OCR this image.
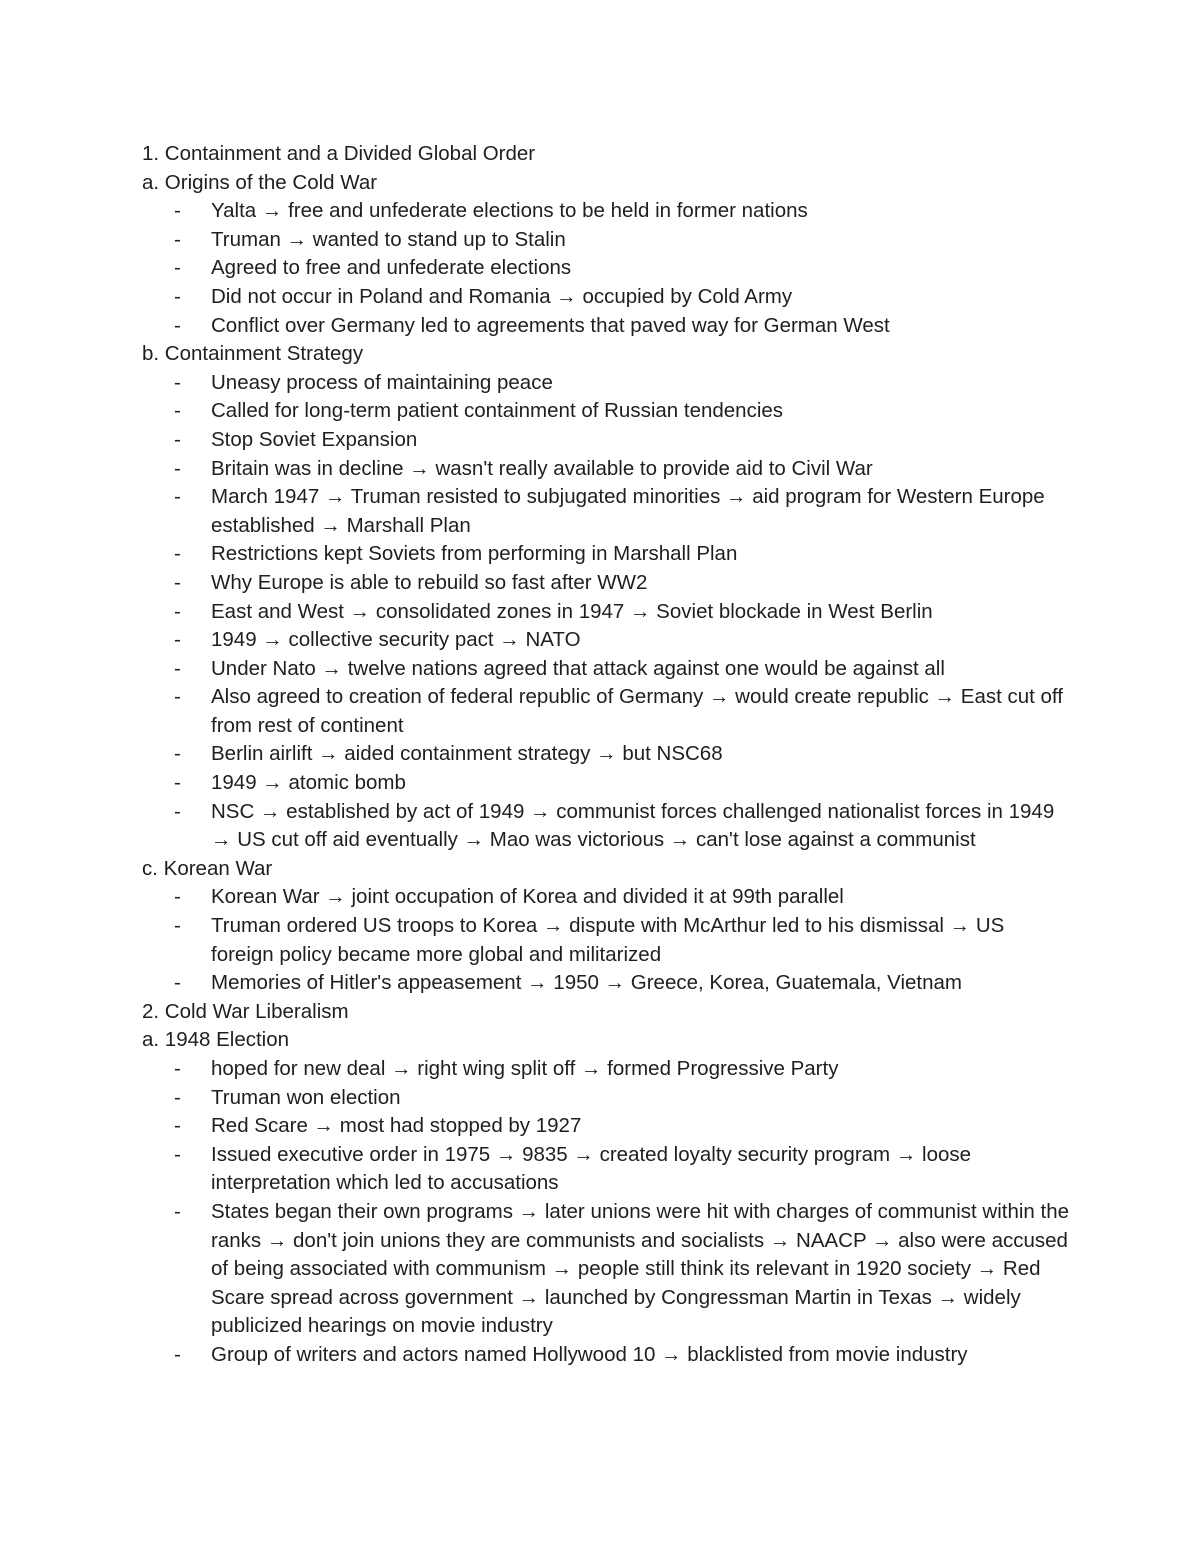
1. Containment and a Divided Global Order

a. Origins of the Cold War

- Yalta → free and unfederate elections to be held in former nations
- Truman → wanted to stand up to Stalin
- Agreed to free and unfederate elections
- Did not occur in Poland and Romania → occupied by Cold Army
- Conflict over Germany led to agreements that paved way for German West

b. Containment Strategy

- Uneasy process of maintaining peace
- Called for long-term patient containment of Russian tendencies
- Stop Soviet Expansion
- Britain was in decline → wasn't really available to provide aid to Civil War
- March 1947 → Truman resisted to subjugated minorities → aid program for Western Europe established → Marshall Plan
- Restrictions kept Soviets from performing in Marshall Plan
- Why Europe is able to rebuild so fast after WW2
- East and West → consolidated zones in 1947 → Soviet blockade in West Berlin
- 1949 → collective security pact → NATO
- Under Nato → twelve nations agreed that attack against one would be against all
- Also agreed to creation of federal republic of Germany → would create republic → East cut off from rest of continent
- Berlin airlift → aided containment strategy → but NSC68
- 1949 → atomic bomb
- NSC → established by act of 1949 → communist forces challenged nationalist forces in 1949 → US cut off aid eventually → Mao was victorious → can't lose against a communist

c. Korean War

- Korean War → joint occupation of Korea and divided it at 99th parallel
- Truman ordered US troops to Korea → dispute with McArthur led to his dismissal → US foreign policy became more global and militarized
- Memories of Hitler's appeasement → 1950 → Greece, Korea, Guatemala, Vietnam

2. Cold War Liberalism

a. 1948 Election

- hoped for new deal → right wing split off → formed Progressive Party
- Truman won election
- Red Scare → most had stopped by 1927
- Issued executive order in 1975 → 9835 → created loyalty security program → loose interpretation which led to accusations
- States began their own programs → later unions were hit with charges of communist within the ranks → don't join unions they are communists and socialists → NAACP → also were accused of being associated with communism → people still think its relevant in 1920 society → Red Scare spread across government → launched by Congressman Martin in Texas → widely publicized hearings on movie industry
- Group of writers and actors named Hollywood 10 → blacklisted from movie industry
